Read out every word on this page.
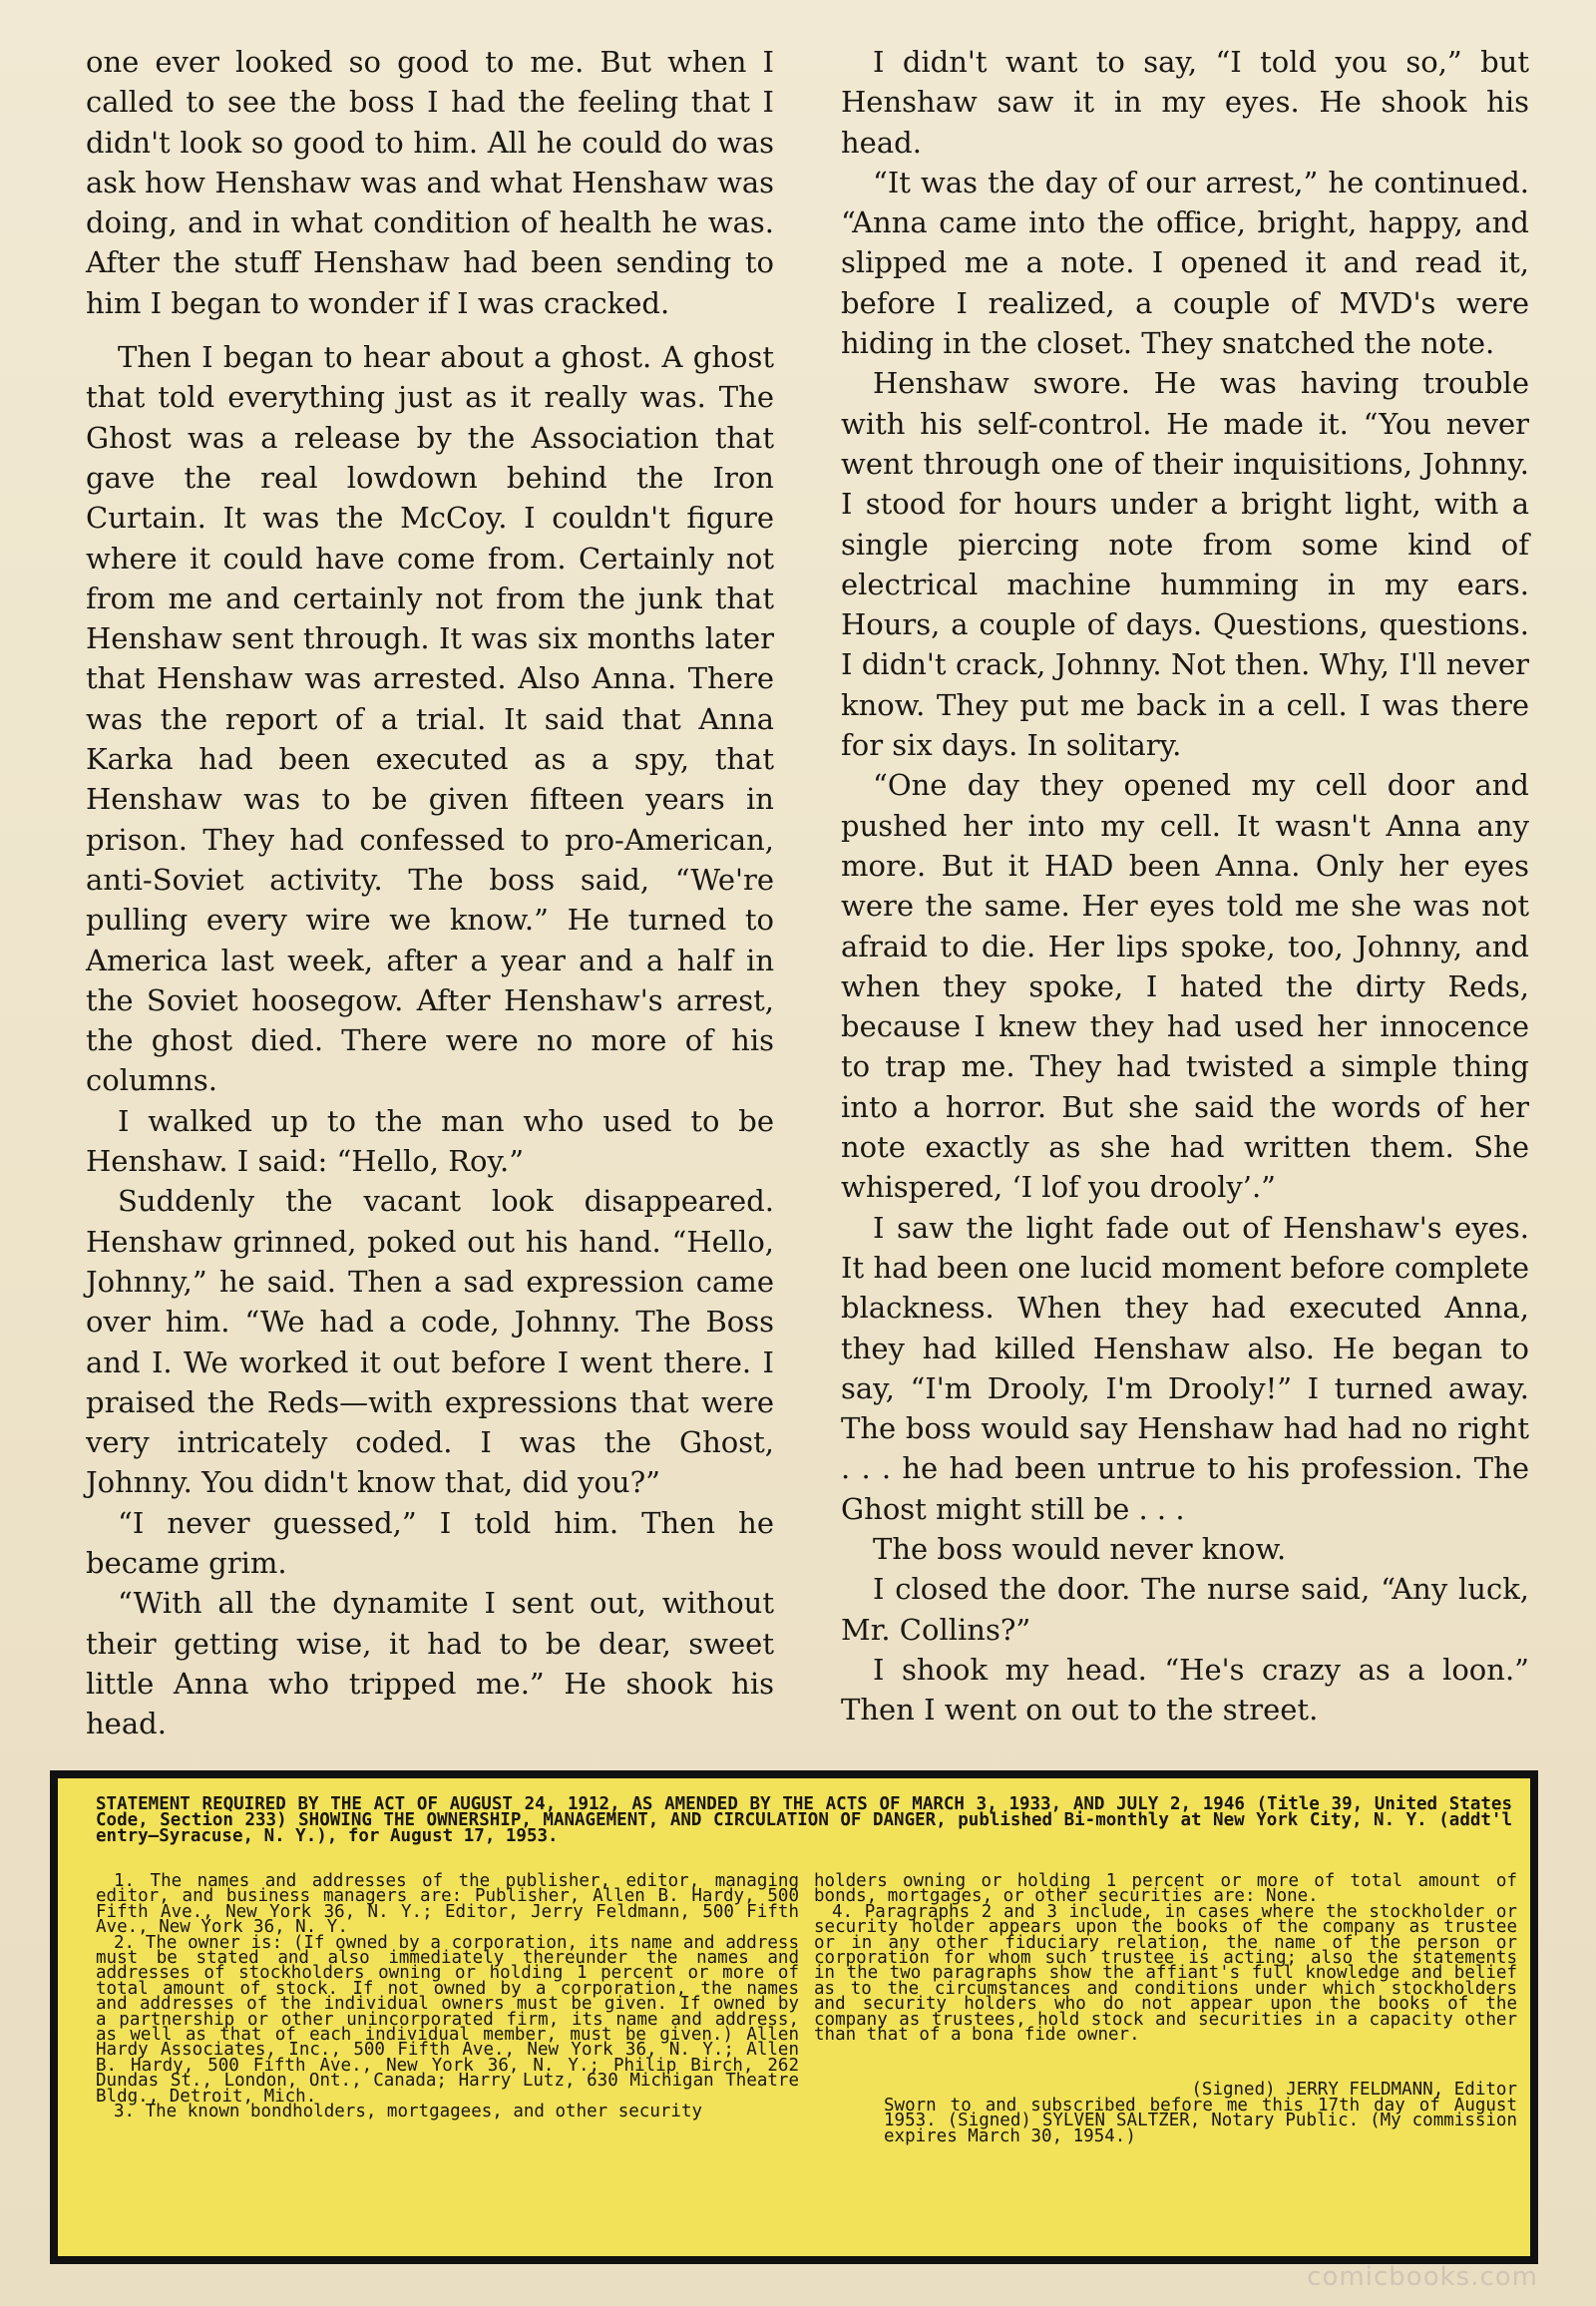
one ever looked so good to me. But when I called to see the boss I had the feeling that I didn't look so good to him. All he could do was ask how Henshaw was and what Henshaw was doing, and in what condition of health he was. After the stuff Henshaw had been sending to him I began to wonder if I was cracked.

Then I began to hear about a ghost. A ghost that told everything just as it really was. The Ghost was a release by the Association that gave the real lowdown behind the Iron Curtain. It was the McCoy. I couldn't figure where it could have come from. Certainly not from me and certainly not from the junk that Henshaw sent through. It was six months later that Henshaw was arrested. Also Anna. There was the report of a trial. It said that Anna Karka had been executed as a spy, that Henshaw was to be given fifteen years in prison. They had confessed to pro-American, anti-Soviet activity. The boss said, “We're pulling every wire we know.” He turned to America last week, after a year and a half in the Soviet hoosegow. After Henshaw's arrest, the ghost died. There were no more of his columns.

I walked up to the man who used to be Henshaw. I said: “Hello, Roy.”

Suddenly the vacant look disappeared. Henshaw grinned, poked out his hand. “Hello, Johnny,” he said. Then a sad expression came over him. “We had a code, Johnny. The Boss and I. We worked it out before I went there. I praised the Reds—with expressions that were very intricately coded. I was the Ghost, Johnny. You didn't know that, did you?”

“I never guessed,” I told him. Then he became grim.

“With all the dynamite I sent out, without their getting wise, it had to be dear, sweet little Anna who tripped me.” He shook his head.

I didn't want to say, “I told you so,” but Henshaw saw it in my eyes. He shook his head.

“It was the day of our arrest,” he continued. “Anna came into the office, bright, happy, and slipped me a note. I opened it and read it, before I realized, a couple of MVD's were hiding in the closet. They snatched the note.

Henshaw swore. He was having trouble with his self-control. He made it. “You never went through one of their inquisitions, Johnny. I stood for hours under a bright light, with a single piercing note from some kind of electrical machine humming in my ears. Hours, a couple of days. Questions, questions. I didn't crack, Johnny. Not then. Why, I'll never know. They put me back in a cell. I was there for six days. In solitary.

“One day they opened my cell door and pushed her into my cell. It wasn't Anna any more. But it HAD been Anna. Only her eyes were the same. Her eyes told me she was not afraid to die. Her lips spoke, too, Johnny, and when they spoke, I hated the dirty Reds, because I knew they had used her innocence to trap me. They had twisted a simple thing into a horror. But she said the words of her note exactly as she had written them. She whispered, ‘I lof you drooly’.”

I saw the light fade out of Henshaw's eyes. It had been one lucid moment before complete blackness. When they had executed Anna, they had killed Henshaw also. He began to say, “I'm Drooly, I'm Drooly!” I turned away. The boss would say Henshaw had had no right . . . he had been untrue to his profession. The Ghost might still be . . .

The boss would never know.

I closed the door. The nurse said, “Any luck, Mr. Collins?”

I shook my head. “He's crazy as a loon.” Then I went on out to the street.

STATEMENT REQUIRED BY THE ACT OF AUGUST 24, 1912, AS AMENDED BY THE ACTS OF MARCH 3, 1933, AND JULY 2, 1946 (Title 39, United States Code, Section 233) SHOWING THE OWNERSHIP, MANAGEMENT, AND CIRCULATION OF DANGER, published Bi-monthly at New York City, N. Y. (addt'l entry—Syracuse, N. Y.), for August 17, 1953.

1. The names and addresses of the publisher, editor, managing editor, and business managers are: Publisher, Allen B. Hardy, 500 Fifth Ave., New York 36, N. Y.; Editor, Jerry Feldmann, 500 Fifth Ave., New York 36, N. Y.

2. The owner is: (If owned by a corporation, its name and address must be stated and also immediately thereunder the names and addresses of stockholders owning or holding 1 percent or more of total amount of stock. If not owned by a corporation, the names and addresses of the individual owners must be given. If owned by a partnership or other unincorporated firm, its name and address, as well as that of each individual member, must be given.) Allen Hardy Associates, Inc., 500 Fifth Ave., New York 36, N. Y.; Allen B. Hardy, 500 Fifth Ave., New York 36, N. Y.; Philip Birch, 262 Dundas St., London, Ont., Canada; Harry Lutz, 630 Michigan Theatre Bldg., Detroit, Mich.

3. The known bondholders, mortgagees, and other security

holders owning or holding 1 percent or more of total amount of bonds, mortgages, or other securities are: None.

4. Paragraphs 2 and 3 include, in cases where the stockholder or security holder appears upon the books of the company as trustee or in any other fiduciary relation, the name of the person or corporation for whom such trustee is acting; also the statements in the two paragraphs show the affiant's full knowledge and belief as to the circumstances and conditions under which stockholders and security holders who do not appear upon the books of the company as trustees, hold stock and securities in a capacity other than that of a bona fide owner.

(Signed) JERRY FELDMANN, Editor

Sworn to and subscribed before me this 17th day of August 1953. (Signed) SYLVEN SALTZER, Notary Public. (My commission expires March 30, 1954.)

comicbooks.com
